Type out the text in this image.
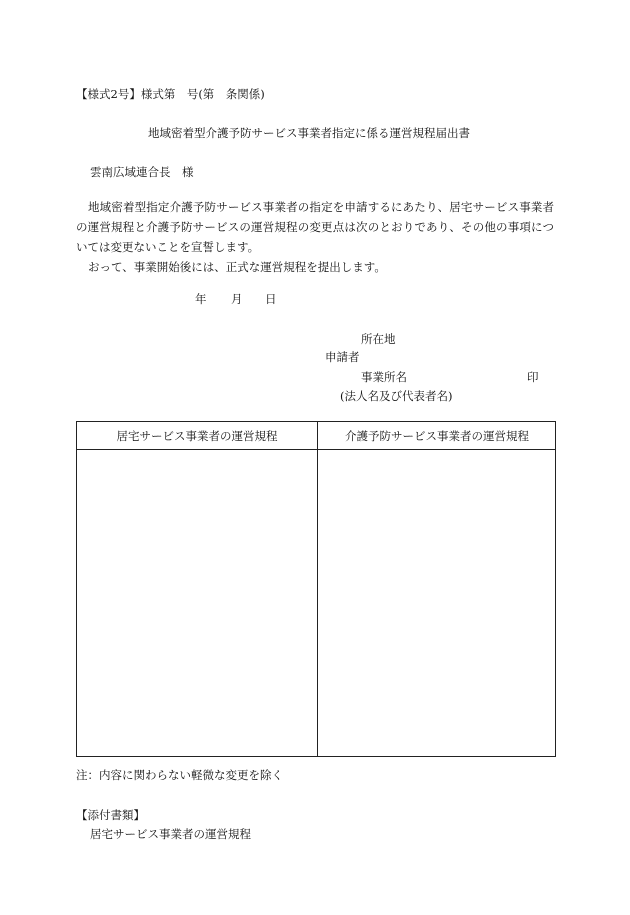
【様式2号】様式第　号(第　条関係)
地域密着型介護予防サービス事業者指定に係る運営規程届出書
雲南広域連合長　様

地域密着型指定介護予防サービス事業者の指定を申請するにあたり、居宅サービス事業者の運営規程と介護予防サービスの運営規程の変更点は次のとおりであり、その他の事項については変更ないことを宣誓します。

おって、事業開始後には、正式な運営規程を提出します。

年 月 日
所在地
申請者
事業所名	印
(法人名及び代表者名)
居宅サービス事業者の運営規程	介護予防サービス事業者の運営規程
注：内容に関わらない軽微な変更を除く
【添付書類】
居宅サービス事業者の運営規程
